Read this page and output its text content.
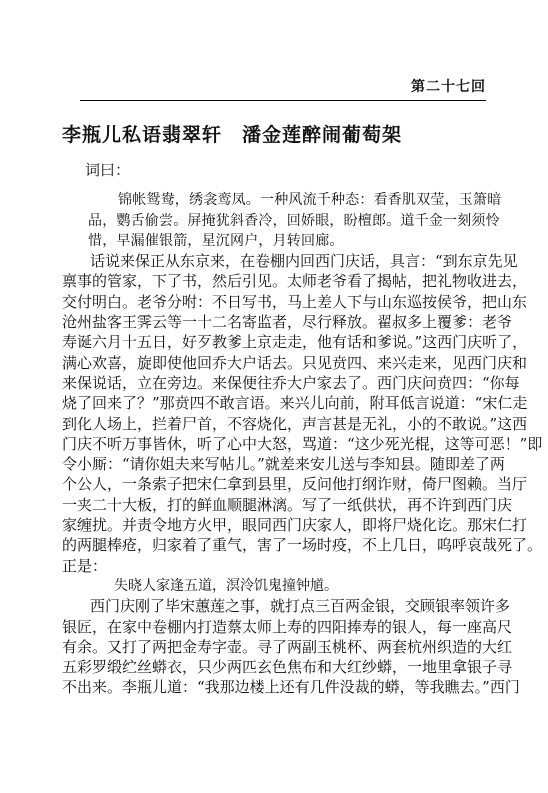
第二十七回
李瓶儿私语翡翠轩　潘金莲醉闹葡萄架
词曰：
锦帐鸳鸯，绣衾鸾凤。一种风流千种态：看香肌双莹，玉箫暗
品，鹦舌偷尝。屏掩犹斜香冷，回娇眼，盼檀郎。道千金一刻须怜
惜，早漏催银箭，星沉网户，月转回廊。
话说来保正从东京来，在卷棚内回西门庆话，具言：“到东京先见
禀事的管家，下了书，然后引见。太师老爷看了揭帖，把礼物收进去，
交付明白。老爷分咐：不日写书，马上差人下与山东巡按侯爷，把山东
沧州盐客王霁云等一十二名寄监者，尽行释放。翟叔多上覆爹：老爷
寿诞六月十五日，好歹教爹上京走走，他有话和爹说。”这西门庆听了，
满心欢喜，旋即使他回乔大户话去。只见贲四、来兴走来，见西门庆和
来保说话，立在旁边。来保便往乔大户家去了。西门庆问贲四：“你每
烧了回来了？”那贲四不敢言语。来兴儿向前，附耳低言说道：“宋仁走
到化人场上，拦着尸首，不容烧化，声言甚是无礼，小的不敢说。”这西
门庆不听万事皆休，听了心中大怒，骂道：“这少死光棍，这等可恶！”即
令小厮：“请你姐夫来写帖儿。”就差来安儿送与李知县。随即差了两
个公人，一条索子把宋仁拿到县里，反问他打纲诈财，倚尸图赖。当厅
一夹二十大板，打的鲜血顺腿淋漓。写了一纸供状，再不许到西门庆
家缠扰。并责令地方火甲，眼同西门庆家人，即将尸烧化讫。那宋仁打
的两腿棒疮，归家着了重气，害了一场时疫，不上几日，呜呼哀哉死了。
正是：
失晓人家逢五道，溟泠饥鬼撞钟馗。
西门庆刚了毕宋蕙莲之事，就打点三百两金银，交顾银率领许多
银匠，在家中卷棚内打造蔡太师上寿的四阳捧寿的银人，每一座高尺
有余。又打了两把金寿字壶。寻了两副玉桃杯、两套杭州织造的大红
五彩罗缎纻丝蟒衣，只少两匹玄色焦布和大红纱蟒，一地里拿银子寻
不出来。李瓶儿道：“我那边楼上还有几件没裁的蟒，等我瞧去。”西门
